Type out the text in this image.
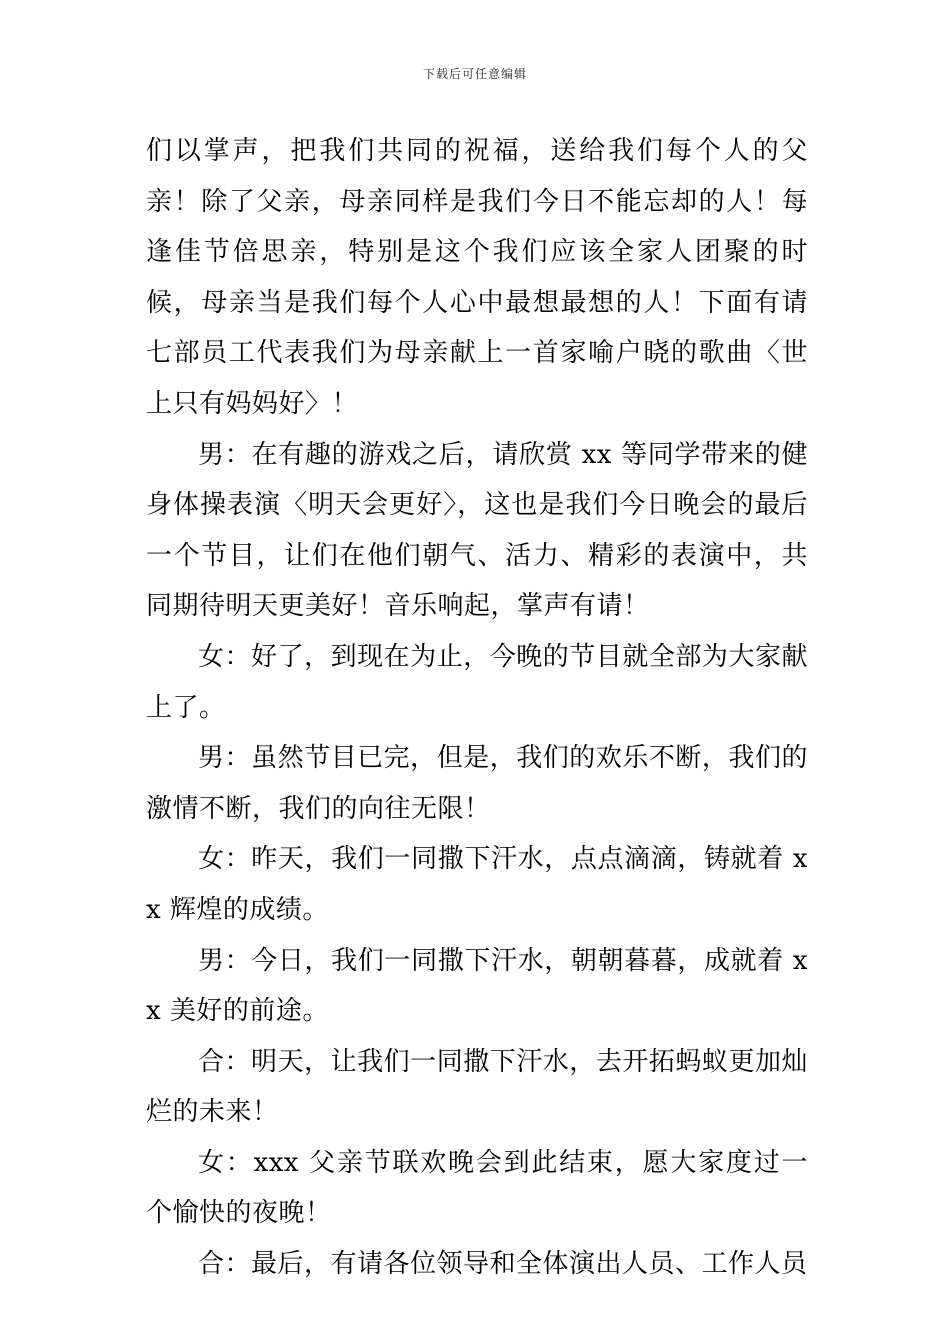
下载后可任意编辑

们以掌声，把我们共同的祝福，送给我们每个人的父亲！除了父亲，母亲同样是我们今日不能忘却的人！每逢佳节倍思亲，特别是这个我们应该全家人团聚的时候，母亲当是我们每个人心中最想最想的人！下面有请七部员工代表我们为母亲献上一首家喻户晓的歌曲〈世上只有妈妈好〉！

男：在有趣的游戏之后，请欣赏 xx 等同学带来的健身体操表演〈明天会更好〉，这也是我们今日晚会的最后一个节目，让们在他们朝气、活力、精彩的表演中，共同期待明天更美好！音乐响起，掌声有请！

女：好了，到现在为止，今晚的节目就全部为大家献上了。

男：虽然节目已完，但是，我们的欢乐不断，我们的激情不断，我们的向往无限！

女：昨天，我们一同撒下汗水，点点滴滴，铸就着 xx 辉煌的成绩。

男：今日，我们一同撒下汗水，朝朝暮暮，成就着 xx 美好的前途。

合：明天，让我们一同撒下汗水，去开拓蚂蚁更加灿烂的未来！

女：xxx 父亲节联欢晚会到此结束，愿大家度过一个愉快的夜晚！

合：最后，有请各位领导和全体演出人员、工作人员
